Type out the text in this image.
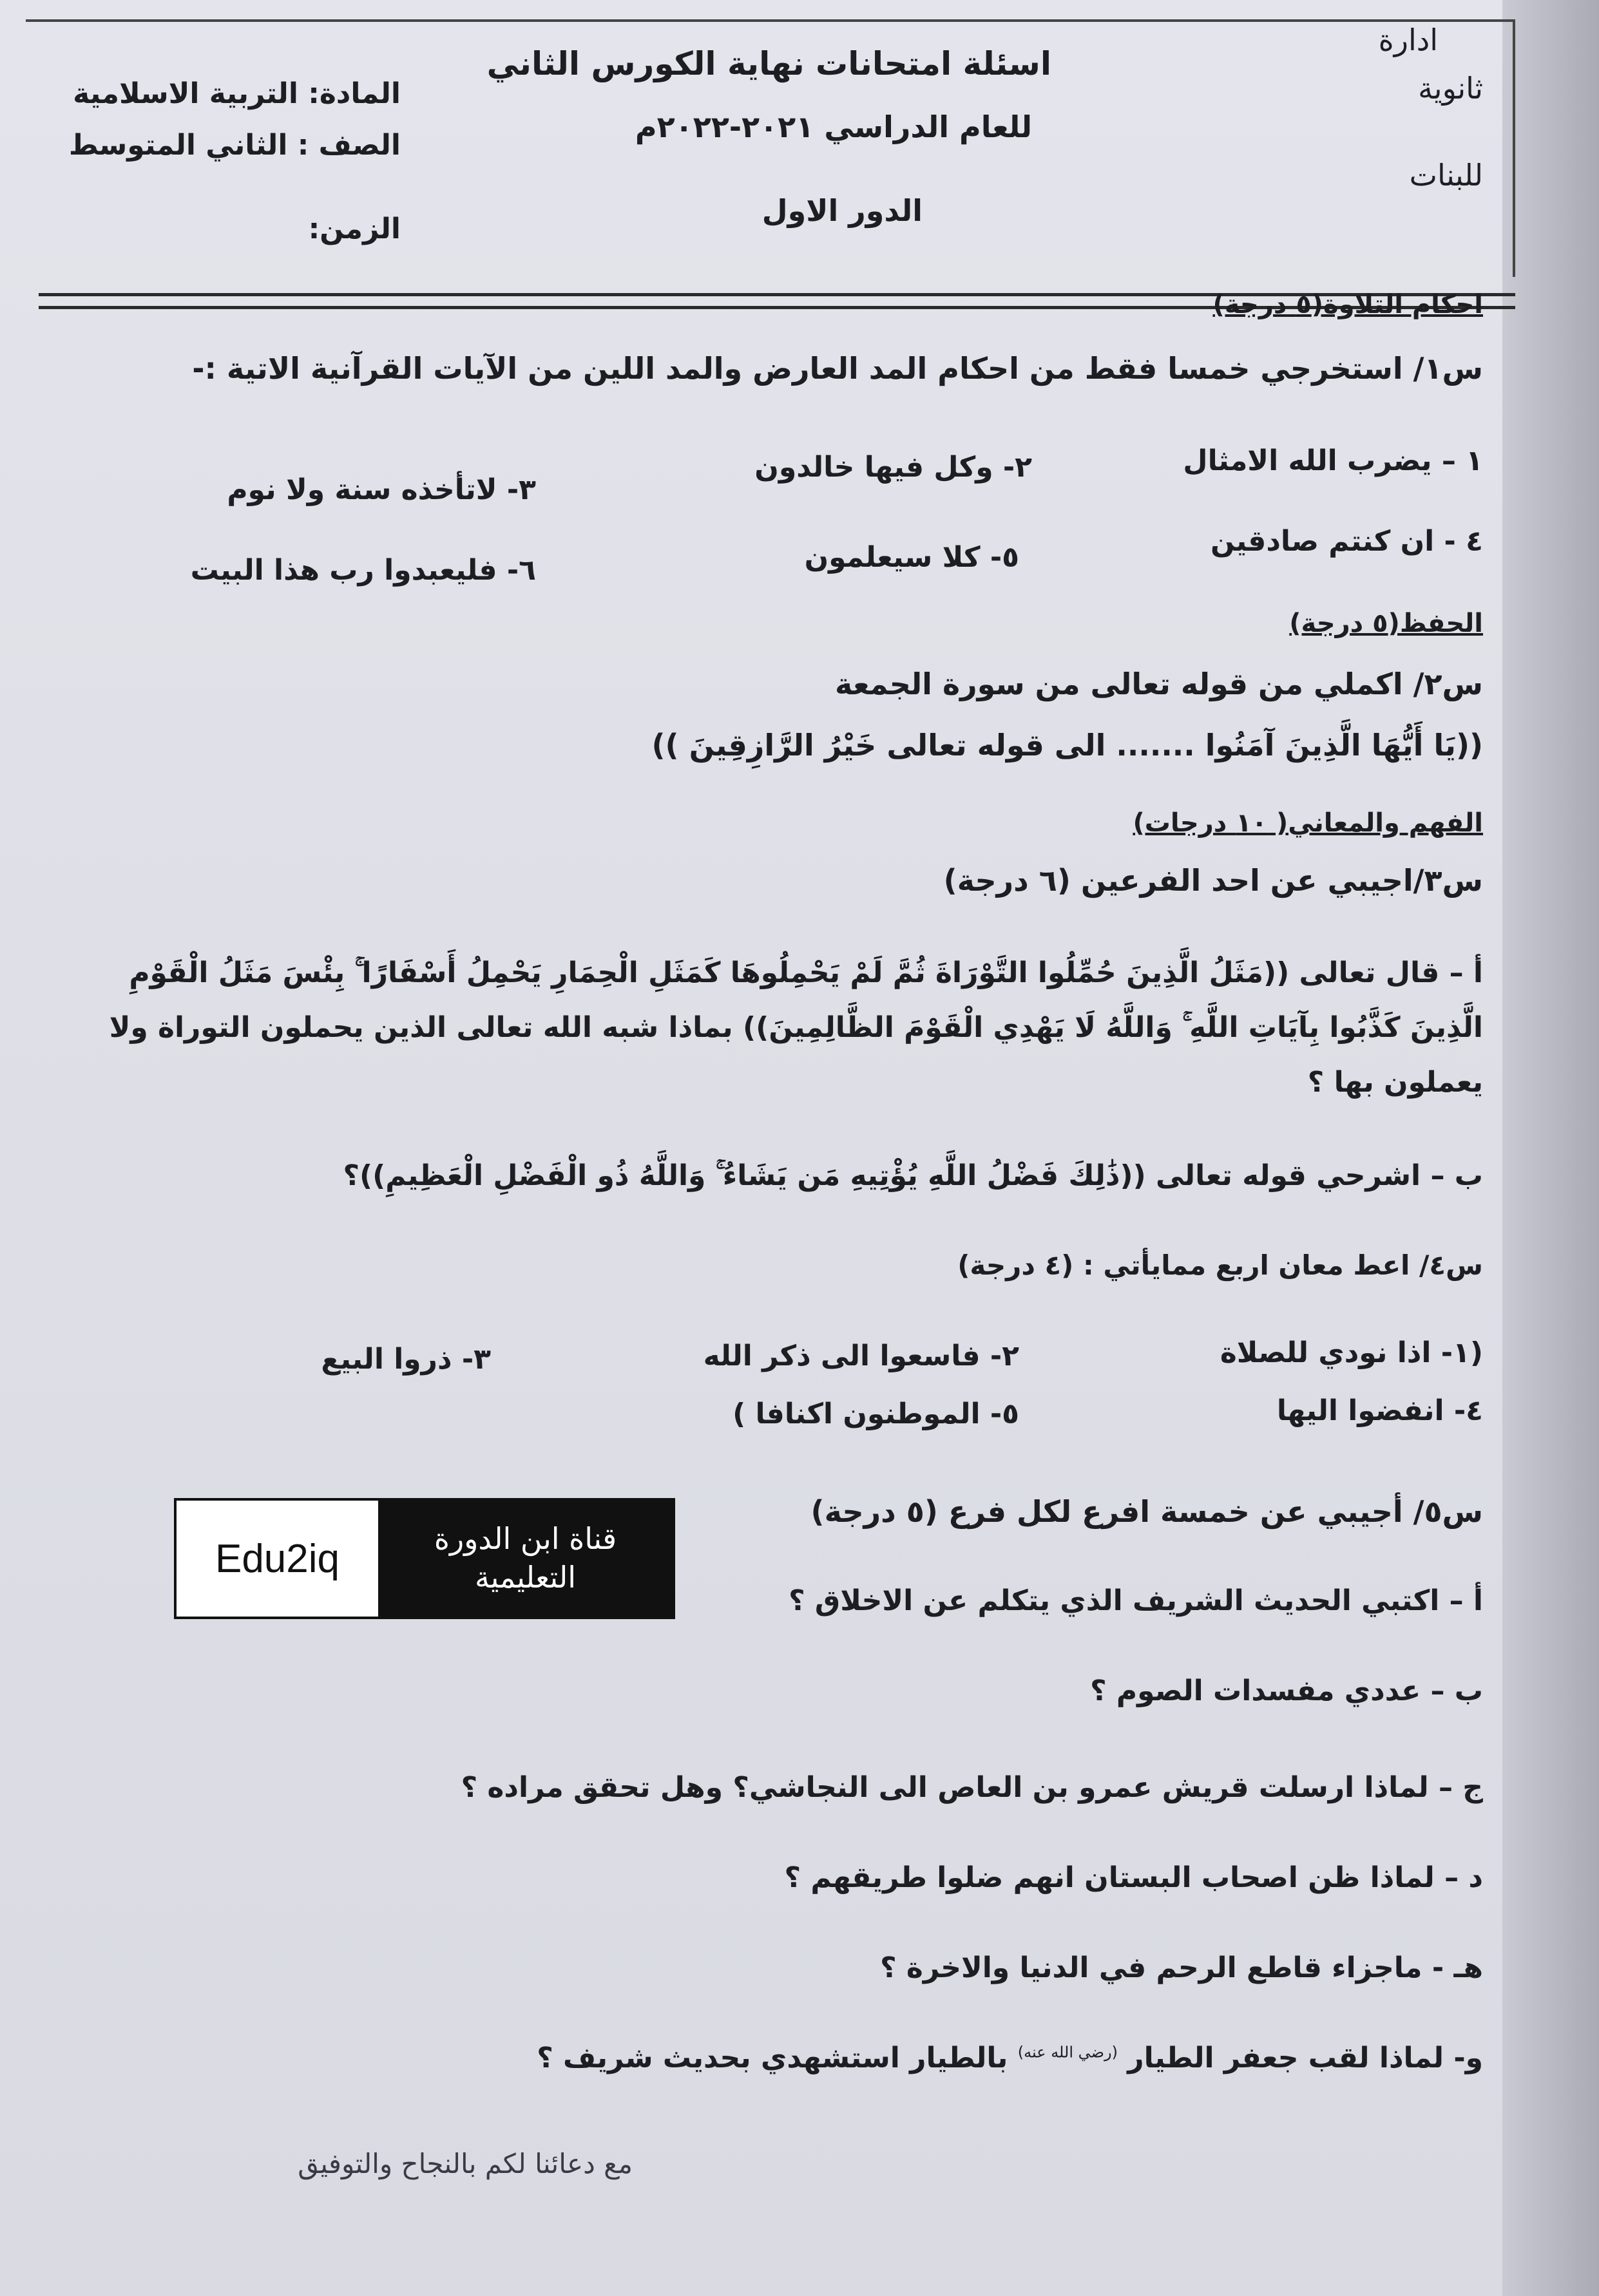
ادارة
ثانوية
للبنات
اسئلة امتحانات نهاية الكورس الثاني
للعام الدراسي ٢٠٢١-٢٠٢٢م
الدور الاول
المادة: التربية الاسلامية
الصف : الثاني المتوسط
الزمن:
احكام التلاوة(٥ درجة)
س١/ استخرجي خمسا فقط من احكام المد العارض والمد اللين من الآيات القرآنية الاتية :-
١ – يضرب الله الامثال
٢- وكل فيها خالدون
٣- لاتأخذه سنة ولا نوم
٤ - ان كنتم صادقين
٥- كلا سيعلمون
٦- فليعبدوا رب هذا البيت
الحفظ(٥ درجة)
س٢/ اكملي من قوله تعالى من سورة الجمعة
((يَا أَيُّهَا الَّذِينَ آمَنُوا ....... الى قوله تعالى خَيْرُ الرَّازِقِينَ ))
الفهم والمعاني( ١٠ درجات)
س٣/اجيبي عن احد الفرعين (٦ درجة)
أ – قال تعالى ((مَثَلُ الَّذِينَ حُمِّلُوا التَّوْرَاةَ ثُمَّ لَمْ يَحْمِلُوهَا كَمَثَلِ الْحِمَارِ يَحْمِلُ أَسْفَارًا ۚ بِئْسَ مَثَلُ الْقَوْمِ
الَّذِينَ كَذَّبُوا بِآيَاتِ اللَّهِ ۚ وَاللَّهُ لَا يَهْدِي الْقَوْمَ الظَّالِمِينَ)) بماذا شبه الله تعالى الذين يحملون التوراة ولا
يعملون بها ؟
ب – اشرحي قوله تعالى ((ذَٰلِكَ فَضْلُ اللَّهِ يُؤْتِيهِ مَن يَشَاءُ ۚ وَاللَّهُ ذُو الْفَضْلِ الْعَظِيمِ))؟
س٤/ اعط معان اربع ممايأتي : (٤ درجة)
(١- اذا نودي للصلاة
٢- فاسعوا الى ذكر الله
٣- ذروا البيع
٤- انفضوا اليها
٥- الموطنون اكنافا )
س٥/ أجيبي عن خمسة افرع لكل فرع (٥ درجة)
أ – اكتبي الحديث الشريف الذي يتكلم عن الاخلاق ؟
ب – عددي مفسدات الصوم ؟
ج – لماذا ارسلت قريش عمرو بن العاص الى النجاشي؟ وهل تحقق مراده ؟
د – لماذا ظن اصحاب البستان انهم ضلوا طريقهم ؟
هـ - ماجزاء قاطع الرحم في الدنيا والاخرة ؟
و- لماذا لقب جعفر الطيار $^{(رضي الله عنه)}$ بالطيار استشهدي بحديث شريف ؟
مع دعائنا لكم بالنجاح والتوفيق
Edu2iq	قناة ابن الدورة
التعليمية
